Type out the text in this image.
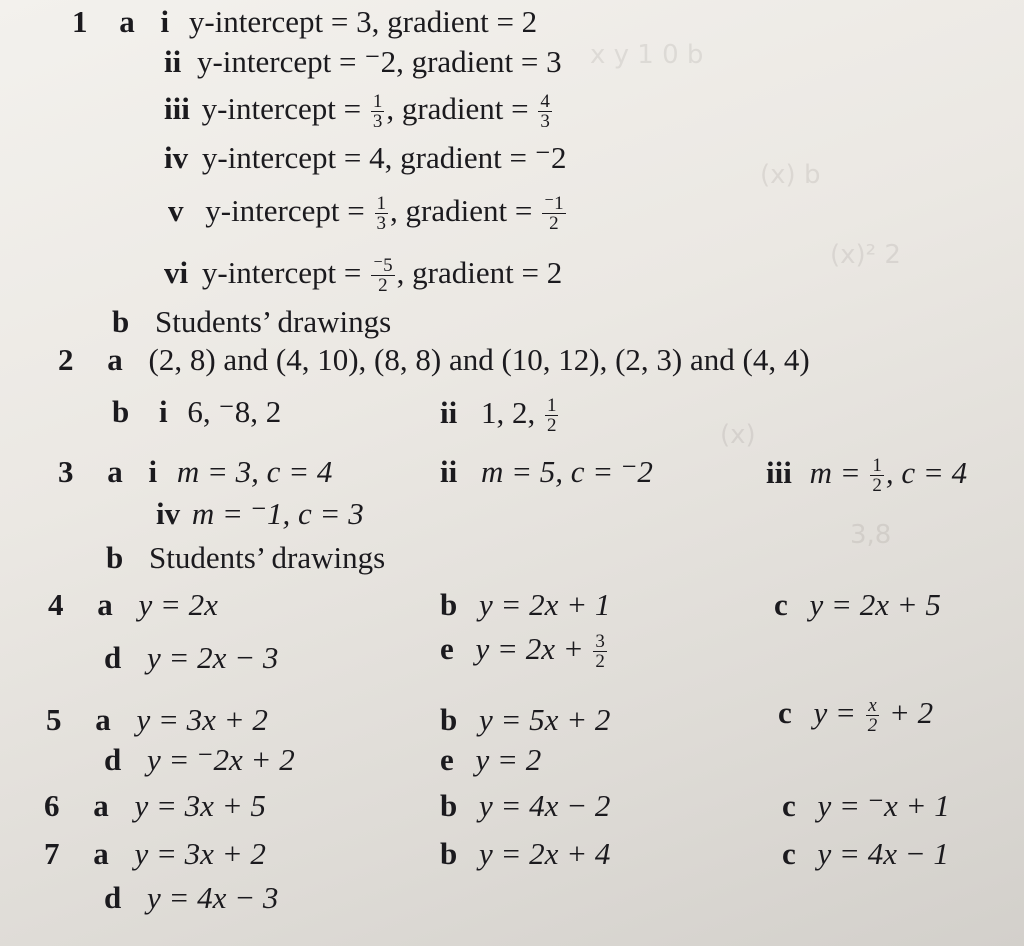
x y 1 0 b
(x) b
(x)² 2
(x)
3,8
1 a i y-intercept = 3, gradient = 2
ii y-intercept = ⁻2, gradient = 3
iii y-intercept = $\frac{1}{3}$ , gradient = $\frac{4}{3}$
iv y-intercept = 4, gradient = ⁻2
v y-intercept = $\frac{1}{3}$ , gradient = $\frac{^-1}{2}$
vi y-intercept = $\frac{^-5}{2}$ , gradient = 2
b Students’ drawings
2 a (2, 8) and (4, 10), (8, 8) and (10, 12), (2, 3) and (4, 4)
b i 6, ⁻8, 2	ii 1, 2, $\frac{1}{2}$
3 a i m = 3, c = 4	ii m = 5, c = ⁻2	iii $m = \frac{1}{2}$ , c = 4
iv m = ⁻1, c = 3
b Students’ drawings
4 a y = 2x	b y = 2x + 1	c y = 2x + 5
d y = 2x − 3	e $y = 2x + \frac{3}{2}$
5 a y = 3x + 2	b y = 5x + 2	c $y = \frac{x}{2} + 2$
d y = ⁻2x + 2	e y = 2
6 a y = 3x + 5	b y = 4x − 2	c y = ⁻x + 1
7 a y = 3x + 2	b y = 2x + 4	c y = 4x − 1
d y = 4x − 3
